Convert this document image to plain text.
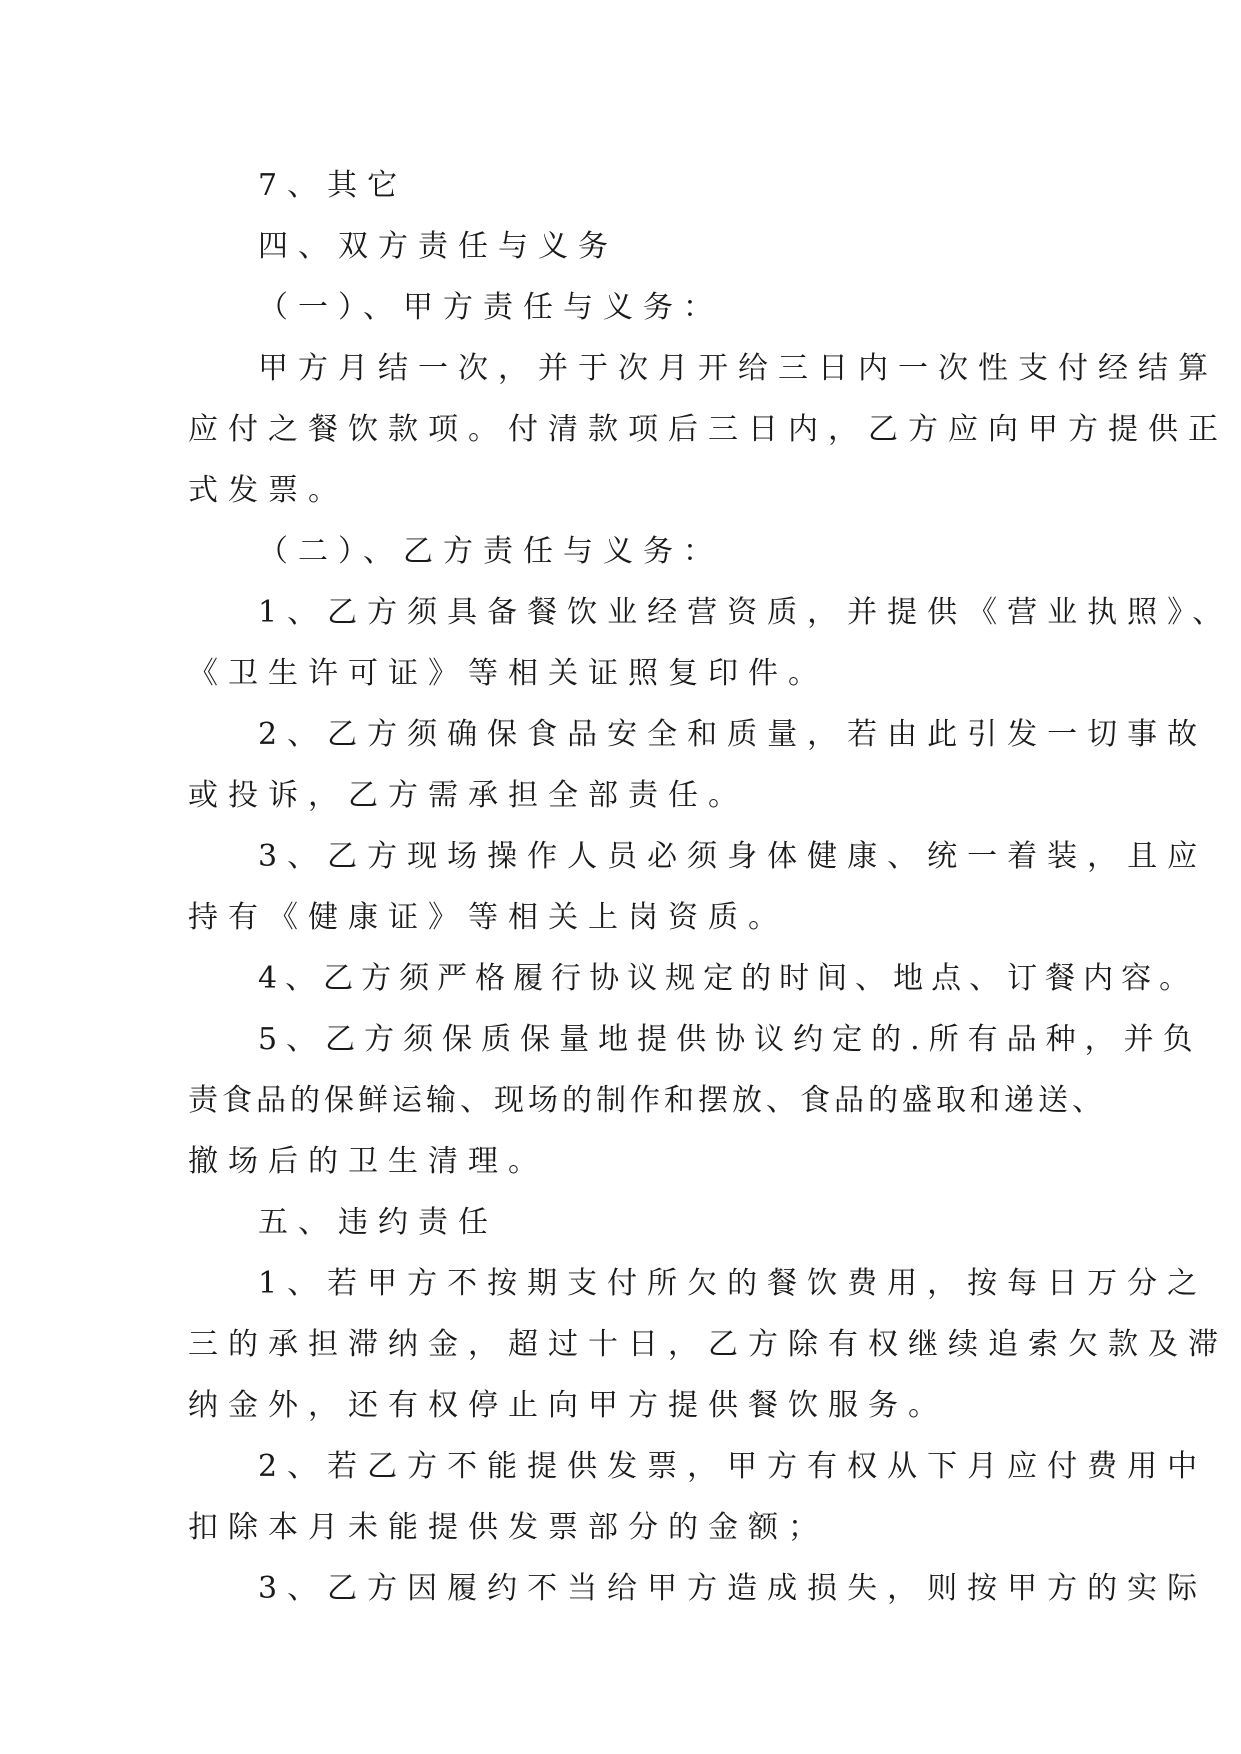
7、其它
四、双方责任与义务
（一）、甲方责任与义务：
甲方月结一次，并于次月开给三日内一次性支付经结算
应付之餐饮款项。付清款项后三日内，乙方应向甲方提供正
式发票。
（二）、乙方责任与义务：
1、乙方须具备餐饮业经营资质，并提供《营业执照》、
《卫生许可证》等相关证照复印件。
2、乙方须确保食品安全和质量，若由此引发一切事故
或投诉，乙方需承担全部责任。
3、乙方现场操作人员必须身体健康、统一着装，且应
持有《健康证》等相关上岗资质。
4、乙方须严格履行协议规定的时间、地点、订餐内容。
5、乙方须保质保量地提供协议约定的.所有品种，并负
责食品的保鲜运输、现场的制作和摆放、食品的盛取和递送、
撤场后的卫生清理。
五、违约责任
1、若甲方不按期支付所欠的餐饮费用，按每日万分之
三的承担滞纳金，超过十日，乙方除有权继续追索欠款及滞
纳金外，还有权停止向甲方提供餐饮服务。
2、若乙方不能提供发票，甲方有权从下月应付费用中
扣除本月未能提供发票部分的金额；
3、乙方因履约不当给甲方造成损失，则按甲方的实际
